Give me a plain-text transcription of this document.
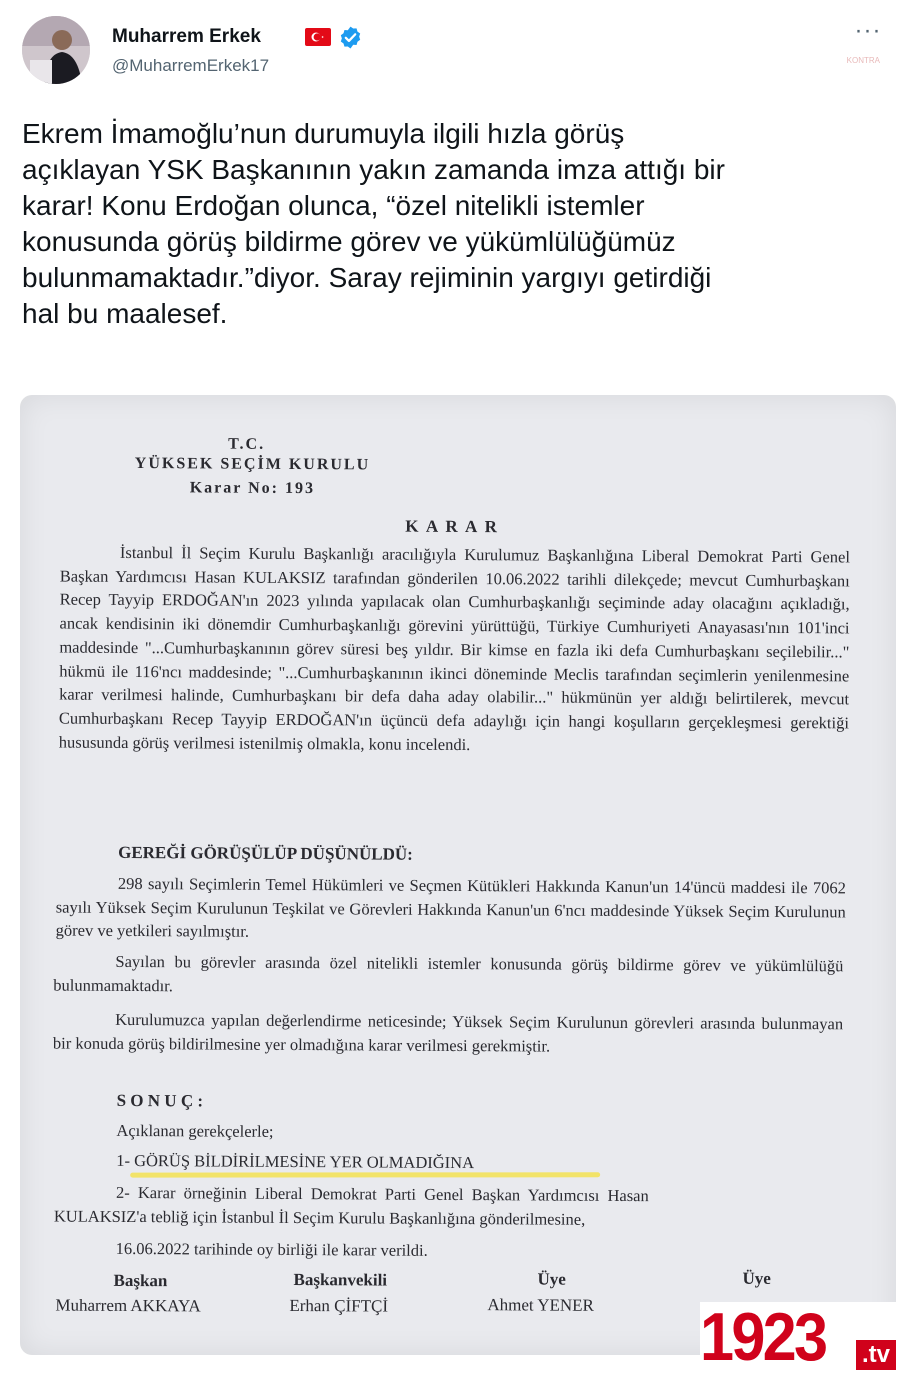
Muharrem Erkek
@MuharremErkek17
···
KONTRA
Ekrem İmamoğlu’nun durumuyla ilgili hızla görüş
açıklayan YSK Başkanının yakın zamanda imza attığı bir
karar! Konu Erdoğan olunca, “özel nitelikli istemler
konusunda görüş bildirme görev ve yükümlülüğümüz
bulunmamaktadır.”diyor. Saray rejiminin yargıyı getirdiği
hal bu maalesef.
T.C.
YÜKSEK SEÇİM KURULU
Karar No: 193
K A R A R
İstanbul İl Seçim Kurulu Başkanlığı aracılığıyla Kurulumuz Başkanlığına Liberal Demokrat Parti Genel Başkan Yardımcısı Hasan KULAKSIZ tarafından gönderilen 10.06.2022 tarihli dilekçede; mevcut Cumhurbaşkanı Recep Tayyip ERDOĞAN'ın 2023 yılında yapılacak olan Cumhurbaşkanlığı seçiminde aday olacağını açıkladığı, ancak kendisinin iki dönemdir Cumhurbaşkanlığı görevini yürüttüğü, Türkiye Cumhuriyeti Anayasası'nın 101'inci maddesinde "...Cumhurbaşkanının görev süresi beş yıldır. Bir kimse en fazla iki defa Cumhurbaşkanı seçilebilir..." hükmü ile 116'ncı maddesinde; "...Cumhurbaşkanının ikinci döneminde Meclis tarafından seçimlerin yenilenmesine karar verilmesi halinde, Cumhurbaşkanı bir defa daha aday olabilir..." hükmünün yer aldığı belirtilerek, mevcut Cumhurbaşkanı Recep Tayyip ERDOĞAN'ın üçüncü defa adaylığı için hangi koşulların gerçekleşmesi gerektiği hususunda görüş verilmesi istenilmiş olmakla, konu incelendi.
GEREĞİ GÖRÜŞÜLÜP DÜŞÜNÜLDÜ:
298 sayılı Seçimlerin Temel Hükümleri ve Seçmen Kütükleri Hakkında Kanun'un 14'üncü maddesi ile 7062 sayılı Yüksek Seçim Kurulunun Teşkilat ve Görevleri Hakkında Kanun'un 6'ncı maddesinde Yüksek Seçim Kurulunun görev ve yetkileri sayılmıştır.
Sayılan bu görevler arasında özel nitelikli istemler konusunda görüş bildirme görev ve yükümlülüğü bulunmamaktadır.
Kurulumuzca yapılan değerlendirme neticesinde; Yüksek Seçim Kurulunun görevleri arasında bulunmayan bir konuda görüş bildirilmesine yer olmadığına karar verilmesi gerekmiştir.
S O N U Ç :
Açıklanan gerekçelerle;
1- GÖRÜŞ BİLDİRİLMESİNE YER OLMADIĞINA
2- Karar örneğinin Liberal Demokrat Parti Genel Başkan Yardımcısı Hasan
KULAKSIZ'a tebliğ için İstanbul İl Seçim Kurulu Başkanlığına gönderilmesine,
16.06.2022 tarihinde oy birliği ile karar verildi.
Başkan
Muharrem AKKAYA
Başkanvekili
Erhan ÇİFTÇİ
Üye
Ahmet YENER
Üye
1923 .tv
